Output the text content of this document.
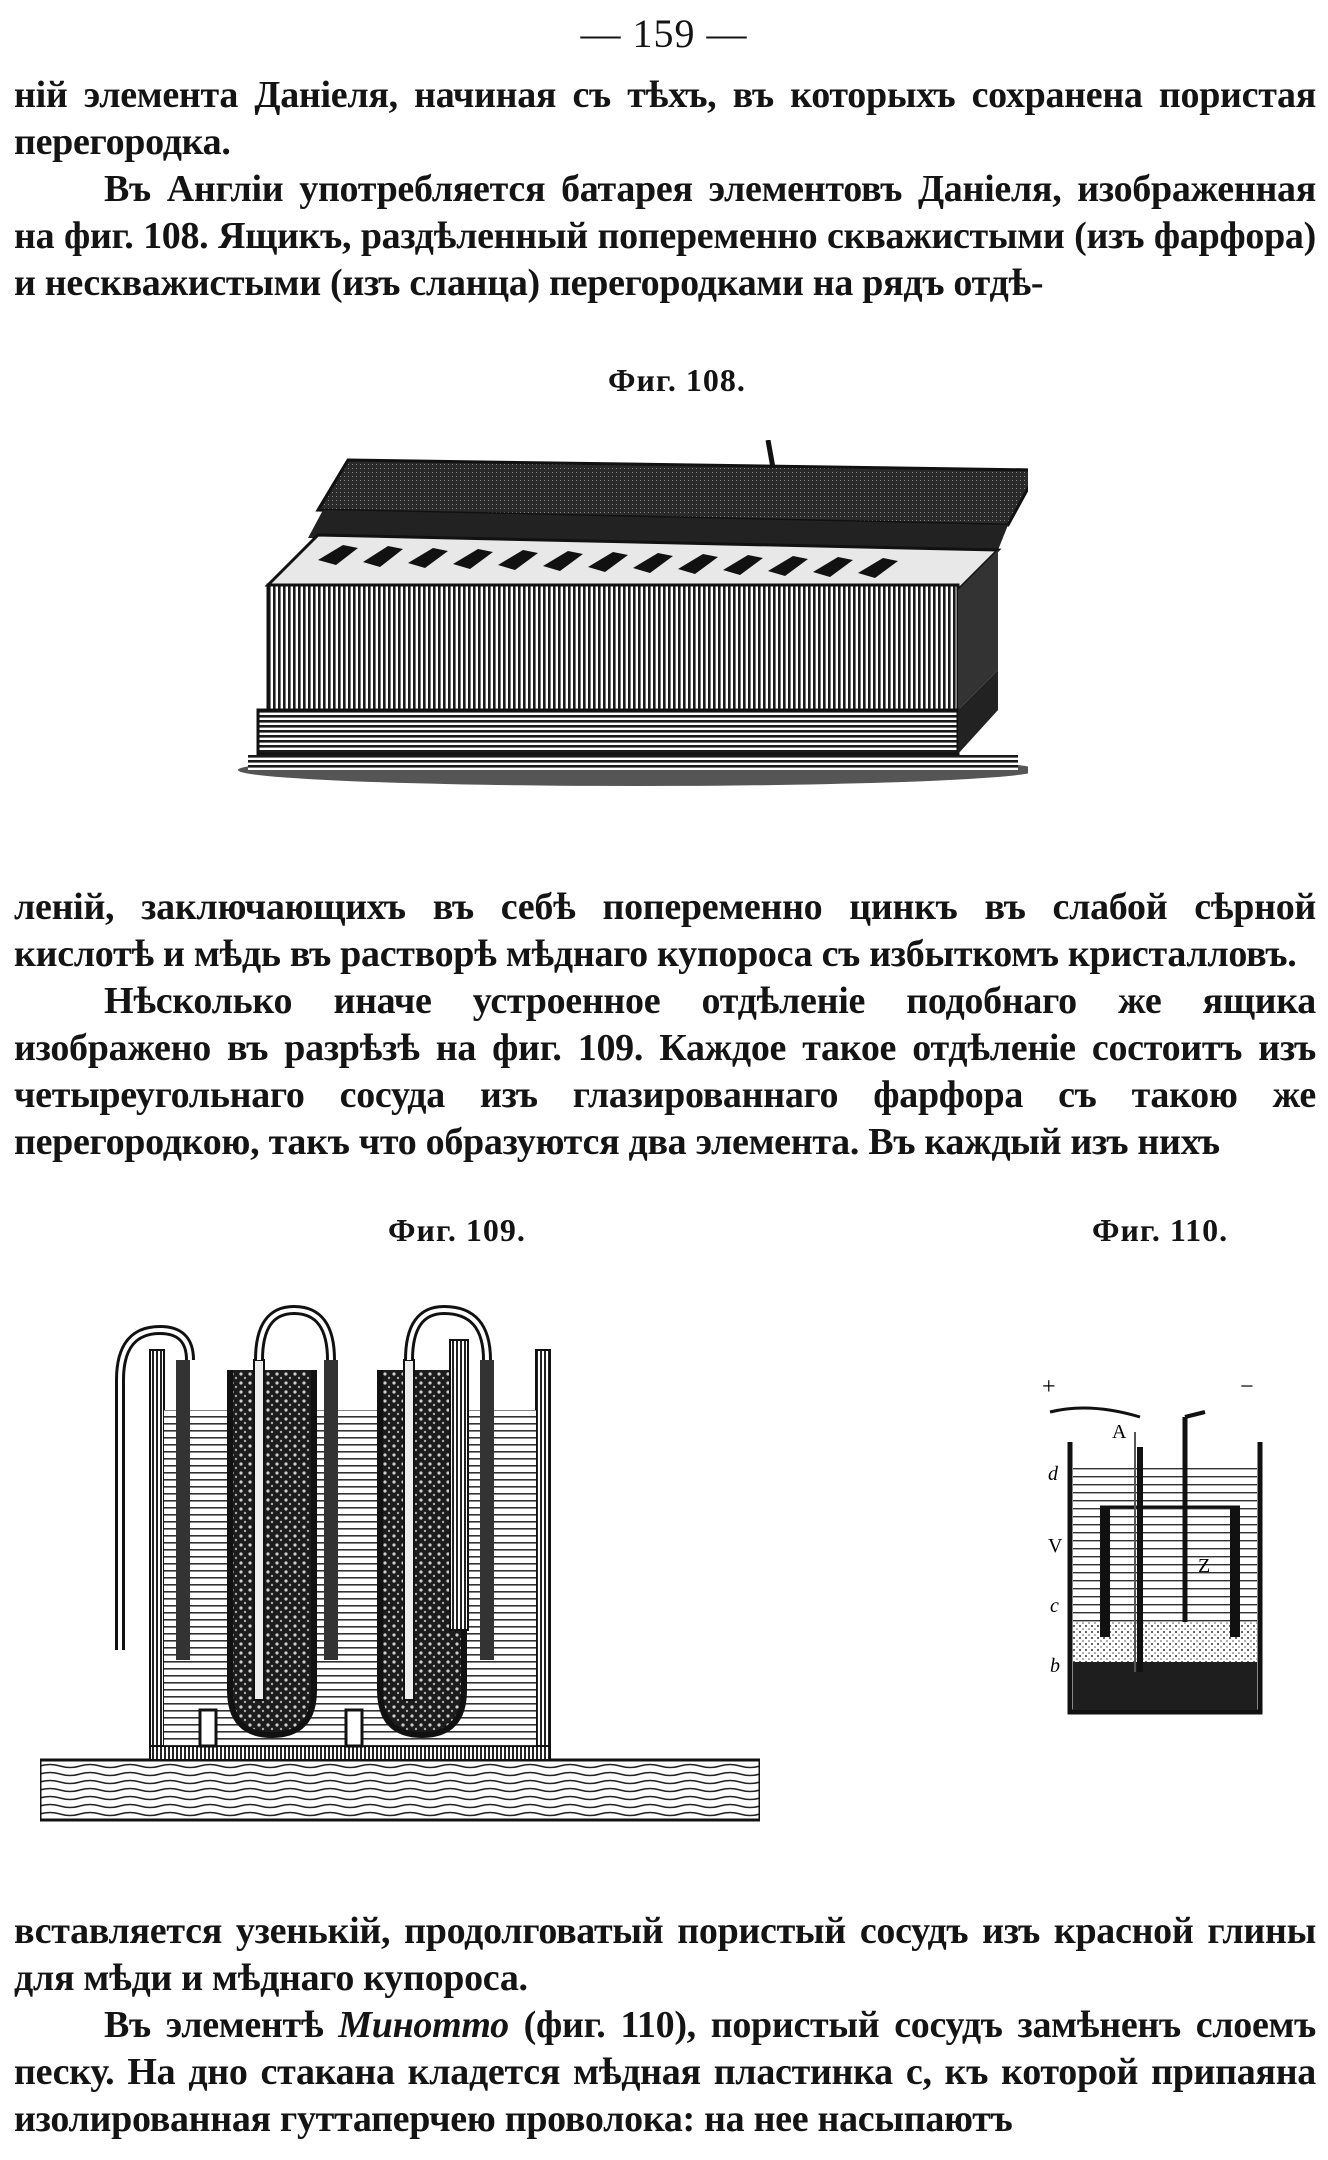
— 159 —

ній элемента Даніеля, начиная съ тѣхъ, въ которыхъ сохранена пористая перегородка.

Въ Англіи употребляется батарея элементовъ Даніеля, изображенная на фиг. 108. Ящикъ, раздѣленный попеременно скважистыми (изъ фарфора) и нескважистыми (изъ сланца) перегородками на рядъ отдѣ-

Фиг. 108.

леній, заключающихъ въ себѣ попеременно цинкъ въ слабой сѣрной кислотѣ и мѣдь въ растворѣ мѣднаго купороса съ избыткомъ кристалловъ.

Нѣсколько иначе устроенное отдѣленіе подобнаго же ящика изображено въ разрѣзѣ на фиг. 109. Каждое такое отдѣленіе состоитъ изъ четыреугольнаго сосуда изъ глазированнаго фарфора съ такою же перегородкою, такъ что образуются два элемента. Въ каждый изъ нихъ

Фиг. 109.	Фиг. 110.
+	−
A
d
V
c
b
Z

вставляется узенькій, продолговатый пористый сосудъ изъ красной глины для мѣди и мѣднаго купороса.

Въ элементѣ Минотто (фиг. 110), пористый сосудъ замѣненъ слоемъ песку. На дно стакана кладется мѣдная пластинка c, къ которой припаяна изолированная гуттаперчею проволока: на нее насыпаютъ
